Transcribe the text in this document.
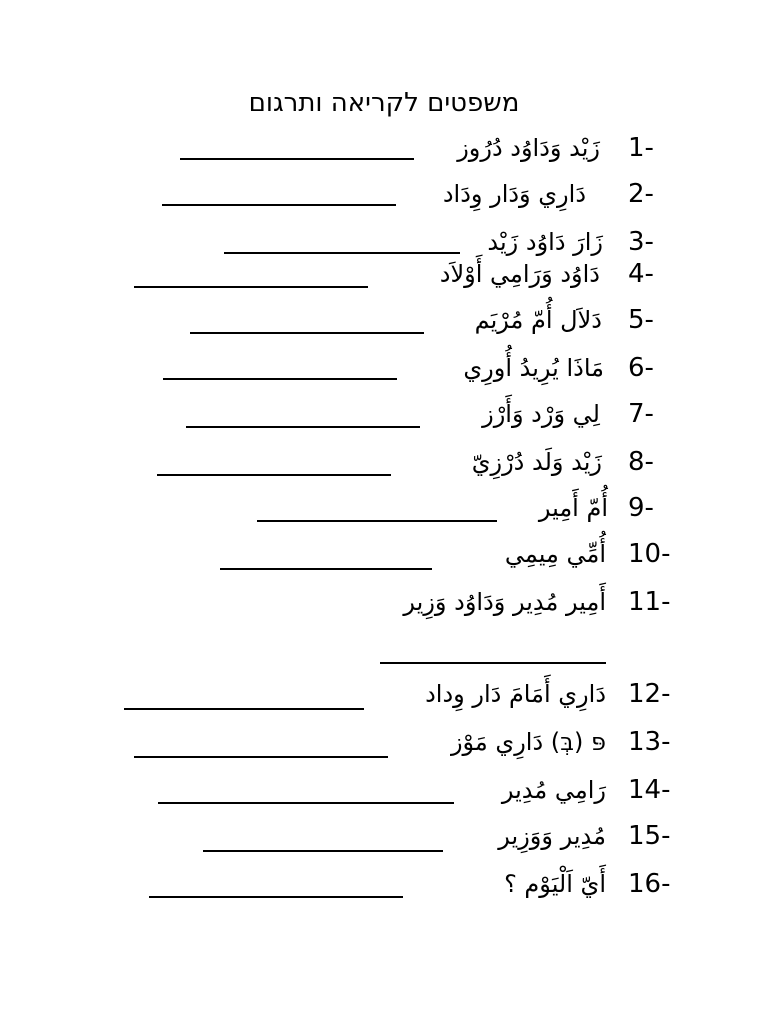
משפטים לקריאה ותרגום
1-
زَيْد وَدَاوُد دُرُوز
2-
دَارِي وَدَار وِدَاد
3-
زَارَ دَاوُد زَيْد
4-
دَاوُد وَرَامِي أَوْلاَد
5-
دَلاَل أُمّ مُرْيَم
6-
مَاذَا يُرِيدُ أُورِي
7-
لِي وَرْد وَأَرْز
8-
زَيْد وَلَد دُرْزِيّ
9-
أُمّ أَمِير
10-
أُمِّي مِيمِي
11-
أَمِير مُدِير وَدَاوُد وَزِير
12-
دَارِي أَمَامَ دَار وِداد
13-
פּ (בְּ) دَارِي مَوْز
14-
رَامِي مُدِير
15-
مُدِير وَوَزِير
16-
أَيّ اَلْيَوْم ؟
